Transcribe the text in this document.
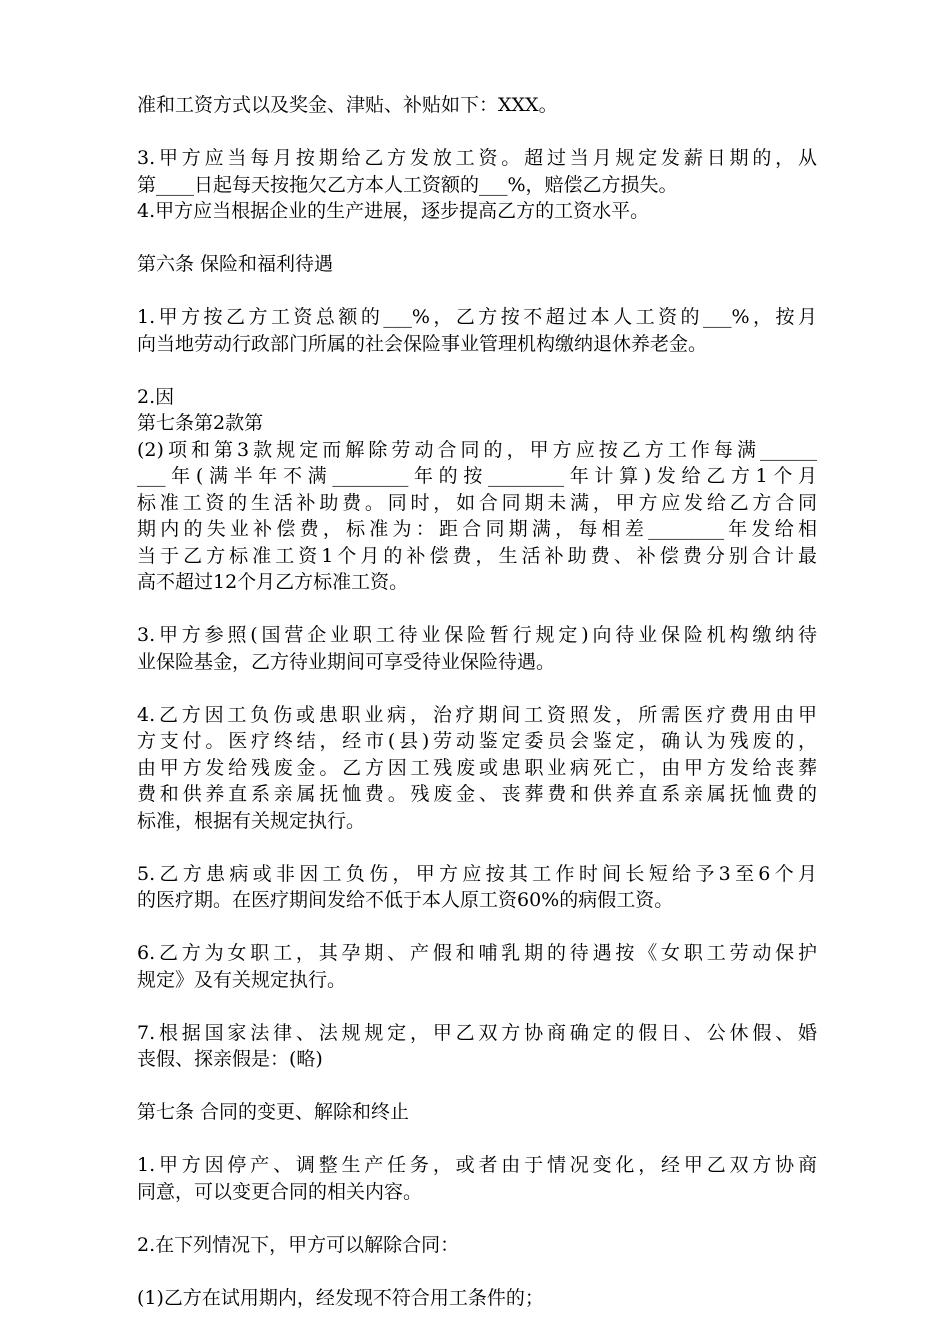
准和工资方式以及奖金、津贴、补贴如下：XXX。
3.甲方应当每月按期给乙方发放工资。超过当月规定发薪日期的，从
第____日起每天按拖欠乙方本人工资额的___%，赔偿乙方损失。
4.甲方应当根据企业的生产进展，逐步提高乙方的工资水平。
第六条 保险和福利待遇
1.甲方按乙方工资总额的___%，乙方按不超过本人工资的___%，按月
向当地劳动行政部门所属的社会保险事业管理机构缴纳退休养老金。
2.因
第七条第2款第
(2)项和第3款规定而解除劳动合同的，甲方应按乙方工作每满______
___年(满半年不满________年的按________年计算)发给乙方1个月
标准工资的生活补助费。同时，如合同期未满，甲方应发给乙方合同
期内的失业补偿费，标准为：距合同期满，每相差________年发给相
当于乙方标准工资1个月的补偿费，生活补助费、补偿费分别合计最
高不超过12个月乙方标准工资。
3.甲方参照(国营企业职工待业保险暂行规定)向待业保险机构缴纳待
业保险基金，乙方待业期间可享受待业保险待遇。
4.乙方因工负伤或患职业病，治疗期间工资照发，所需医疗费用由甲
方支付。医疗终结，经市(县)劳动鉴定委员会鉴定，确认为残废的，
由甲方发给残废金。乙方因工残废或患职业病死亡，由甲方发给丧葬
费和供养直系亲属抚恤费。残废金、丧葬费和供养直系亲属抚恤费的
标准，根据有关规定执行。
5.乙方患病或非因工负伤，甲方应按其工作时间长短给予3至6个月
的医疗期。在医疗期间发给不低于本人原工资60%的病假工资。
6.乙方为女职工，其孕期、产假和哺乳期的待遇按《女职工劳动保护
规定》及有关规定执行。
7.根据国家法律、法规规定，甲乙双方协商确定的假日、公休假、婚
丧假、探亲假是：(略)
第七条 合同的变更、解除和终止
1.甲方因停产、调整生产任务，或者由于情况变化，经甲乙双方协商
同意，可以变更合同的相关内容。
2.在下列情况下，甲方可以解除合同：
(1)乙方在试用期内，经发现不符合用工条件的；
